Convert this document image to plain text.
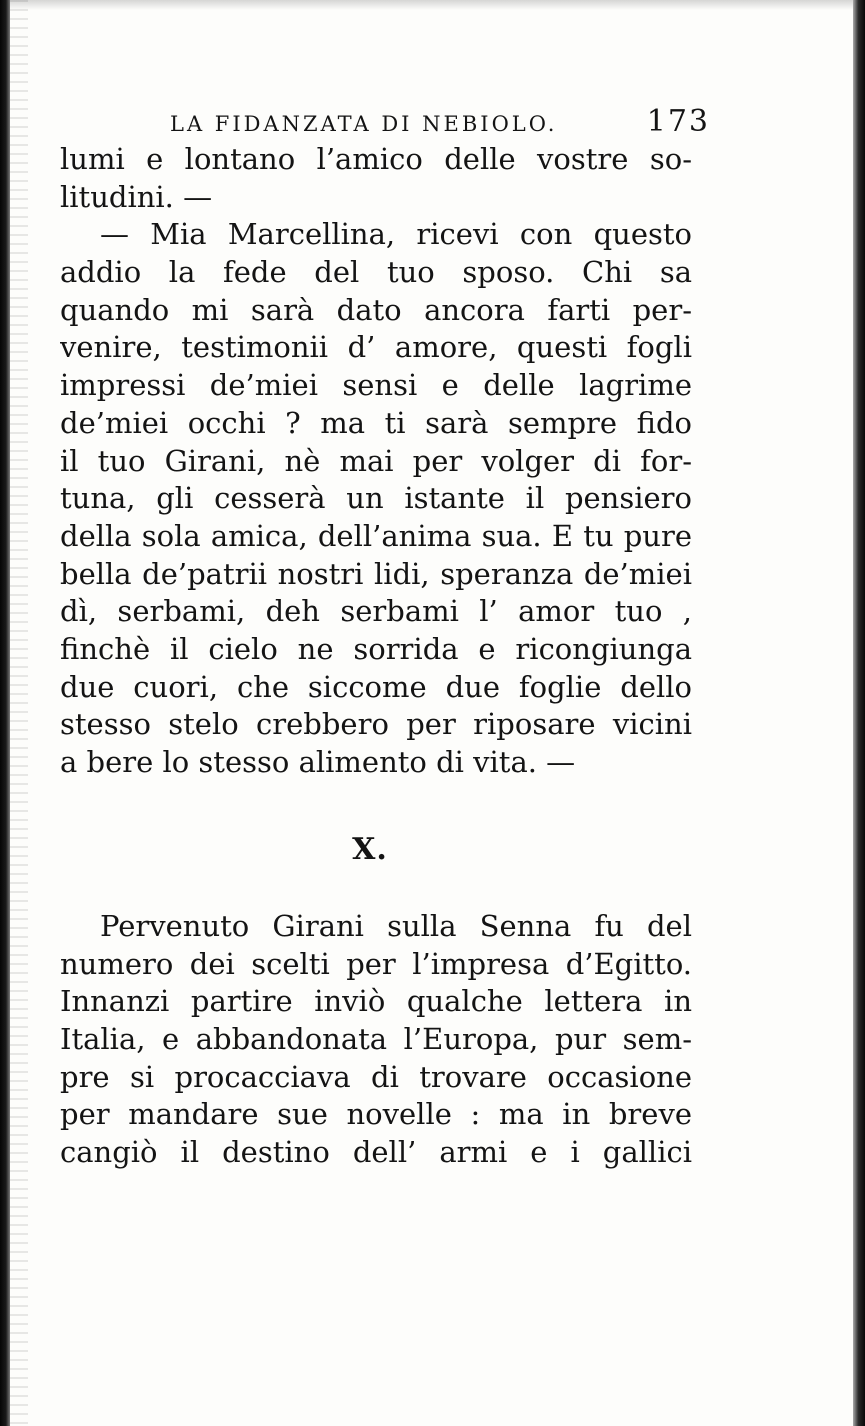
LA FIDANZATA DI NEBIOLO.	173
lumi e lontano l’amico delle vostre so-
litudini. —
— Mia Marcellina, ricevi con questo
addio la fede del tuo sposo. Chi sa
quando mi sarà dato ancora farti per-
venire, testimonii d’ amore, questi fogli
impressi de’miei sensi e delle lagrime
de’miei occhi ? ma ti sarà sempre fido
il tuo Girani, nè mai per volger di for-
tuna, gli cesserà un istante il pensiero
della sola amica, dell’anima sua. E tu pure
bella de’patrii nostri lidi, speranza de’miei
dì, serbami, deh serbami l’ amor tuo ,
finchè il cielo ne sorrida e ricongiunga
due cuori, che siccome due foglie dello
stesso stelo crebbero per riposare vicini
a bere lo stesso alimento di vita. —
X.
Pervenuto Girani sulla Senna fu del
numero dei scelti per l’impresa d’Egitto.
Innanzi partire inviò qualche lettera in
Italia, e abbandonata l’Europa, pur sem-
pre si procacciava di trovare occasione
per mandare sue novelle : ma in breve
cangiò il destino dell’ armi e i gallici
